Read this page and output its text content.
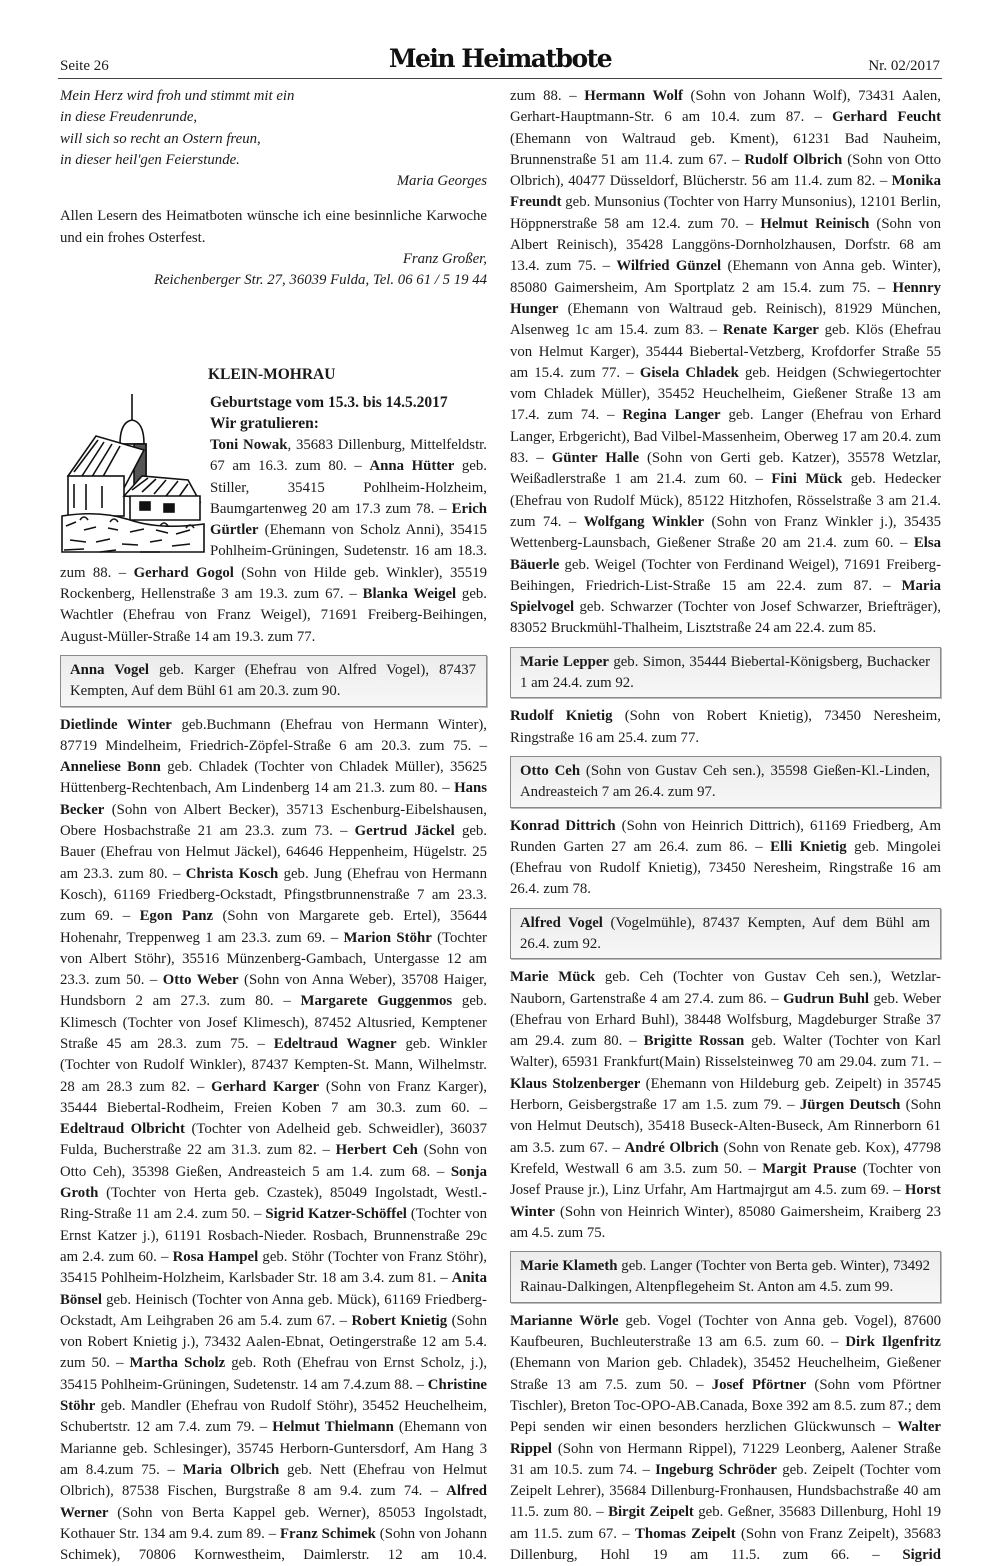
Seite 26	Mein Heimatbote	Nr. 02/2017
Mein Herz wird froh und stimmt mit ein
in diese Freudenrunde,
will sich so recht an Ostern freun,
in dieser heil'gen Feierstunde.
Maria Georges

Allen Lesern des Heimatboten wünsche ich eine besinnliche Karwoche und ein frohes Osterfest.

Franz Großer,
Reichenberger Str. 27, 36039 Fulda, Tel. 06 61 / 5 19 44
KLEIN-MOHRAU
Geburtstage vom 15.3. bis 14.5.2017
Wir gratulieren:

Toni Nowak, 35683 Dillenburg, Mittelfeldstr. 67 am 16.3. zum 80. – Anna Hütter geb. Stiller, 35415 Pohlheim-Holzheim, Baumgartenweg 20 am 17.3 zum 78. – Erich Gürtler (Ehemann von Scholz Anni), 35415 Pohlheim-Grüningen, Sudetenstr. 16 am 18.3. zum 88. – Gerhard Gogol (Sohn von Hilde geb. Winkler), 35519 Rockenberg, Hellenstraße 3 am 19.3. zum 67. – Blanka Weigel geb. Wachtler (Ehefrau von Franz Weigel), 71691 Freiberg-Beihingen, August-Müller-Straße 14 am 19.3. zum 77.

Anna Vogel geb. Karger (Ehefrau von Alfred Vogel), 87437 Kempten, Auf dem Bühl 61 am 20.3. zum 90.

Dietlinde Winter geb.Buchmann (Ehefrau von Hermann Winter), 87719 Mindelheim, Friedrich-Zöpfel-Straße 6 am 20.3. zum 75. – Anneliese Bonn geb. Chladek (Tochter von Chladek Müller), 35625 Hüttenberg-Rechtenbach, Am Lindenberg 14 am 21.3. zum 80. – Hans Becker (Sohn von Albert Becker), 35713 Eschenburg-Eibelshausen, Obere Hosbachstraße 21 am 23.3. zum 73. – Gertrud Jäckel geb. Bauer (Ehefrau von Helmut Jäckel), 64646 Heppenheim, Hügelstr. 25 am 23.3. zum 80. – Christa Kosch geb. Jung (Ehefrau von Hermann Kosch), 61169 Friedberg-Ockstadt, Pfingstbrunnenstraße 7 am 23.3. zum 69. – Egon Panz (Sohn von Margarete geb. Ertel), 35644 Hohenahr, Treppenweg 1 am 23.3. zum 69. – Marion Stöhr (Tochter von Albert Stöhr), 35516 Münzenberg-Gambach, Untergasse 12 am 23.3. zum 50. – Otto Weber (Sohn von Anna Weber), 35708 Haiger, Hundsborn 2 am 27.3. zum 80. – Margarete Guggenmos geb. Klimesch (Tochter von Josef Klimesch), 87452 Altusried, Kemptener Straße 45 am 28.3. zum 75. – Edeltraud Wagner geb. Winkler (Tochter von Rudolf Winkler), 87437 Kempten-St. Mann, Wilhelmstr. 28 am 28.3 zum 82. – Gerhard Karger (Sohn von Franz Karger), 35444 Biebertal-Rodheim, Freien Koben 7 am 30.3. zum 60. – Edeltraud Olbricht (Tochter von Adelheid geb. Schweidler), 36037 Fulda, Bucherstraße 22 am 31.3. zum 82. – Herbert Ceh (Sohn von Otto Ceh), 35398 Gießen, Andreasteich 5 am 1.4. zum 68. – Sonja Groth (Tochter von Herta geb. Czastek), 85049 Ingolstadt, Westl.-Ring-Straße 11 am 2.4. zum 50. – Sigrid Katzer-Schöffel (Tochter von Ernst Katzer j.), 61191 Rosbach-Nieder. Rosbach, Brunnenstraße 29c am 2.4. zum 60. – Rosa Hampel geb. Stöhr (Tochter von Franz Stöhr), 35415 Pohlheim-Holzheim, Karlsbader Str. 18 am 3.4. zum 81. – Anita Bönsel geb. Heinisch (Tochter von Anna geb. Mück), 61169 Friedberg-Ockstadt, Am Leihgraben 26 am 5.4. zum 67. – Robert Knietig (Sohn von Robert Knietig j.), 73432 Aalen-Ebnat, Oetingerstraße 12 am 5.4. zum 50. – Martha Scholz geb. Roth (Ehefrau von Ernst Scholz, j.), 35415 Pohlheim-Grüningen, Sudetenstr. 14 am 7.4.zum 88. – Christine Stöhr geb. Mandler (Ehefrau von Rudolf Stöhr), 35452 Heuchelheim, Schubertstr. 12 am 7.4. zum 79. – Helmut Thielmann (Ehemann von Marianne geb. Schlesinger), 35745 Herborn-Guntersdorf, Am Hang 3 am 8.4.zum 75. – Maria Olbrich geb. Nett (Ehefrau von Helmut Olbrich), 87538 Fischen, Burgstraße 8 am 9.4. zum 74. – Alfred Werner (Sohn von Berta Kappel geb. Werner), 85053 Ingolstadt, Kothauer Str. 134 am 9.4. zum 89. – Franz Schimek (Sohn von Johann Schimek), 70806 Kornwestheim, Daimlerstr. 12 am 10.4.

zum 88. – Hermann Wolf (Sohn von Johann Wolf), 73431 Aalen, Gerhart-Hauptmann-Str. 6 am 10.4. zum 87. – Gerhard Feucht (Ehemann von Waltraud geb. Kment), 61231 Bad Nauheim, Brunnenstraße 51 am 11.4. zum 67. – Rudolf Olbrich (Sohn von Otto Olbrich), 40477 Düsseldorf, Blücherstr. 56 am 11.4. zum 82. – Monika Freundt geb. Munsonius (Tochter von Harry Munsonius), 12101 Berlin, Höppnerstraße 58 am 12.4. zum 70. – Helmut Reinisch (Sohn von Albert Reinisch), 35428 Langgöns-Dornholzhausen, Dorfstr. 68 am 13.4. zum 75. – Wilfried Günzel (Ehemann von Anna geb. Winter), 85080 Gaimersheim, Am Sportplatz 2 am 15.4. zum 75. – Hennry Hunger (Ehemann von Waltraud geb. Reinisch), 81929 München, Alsenweg 1c am 15.4. zum 83. – Renate Karger geb. Klös (Ehefrau von Helmut Karger), 35444 Biebertal-Vetzberg, Krofdorfer Straße 55 am 15.4. zum 77. – Gisela Chladek geb. Heidgen (Schwiegertochter vom Chladek Müller), 35452 Heuchelheim, Gießener Straße 13 am 17.4. zum 74. – Regina Langer geb. Langer (Ehefrau von Erhard Langer, Erbgericht), Bad Vilbel-Massenheim, Oberweg 17 am 20.4. zum 83. – Günter Halle (Sohn von Gerti geb. Katzer), 35578 Wetzlar, Weißadlerstraße 1 am 21.4. zum 60. – Fini Mück geb. Hedecker (Ehefrau von Rudolf Mück), 85122 Hitzhofen, Rösselstraße 3 am 21.4. zum 74. – Wolfgang Winkler (Sohn von Franz Winkler j.), 35435 Wettenberg-Launsbach, Gießener Straße 20 am 21.4. zum 60. – Elsa Bäuerle geb. Weigel (Tochter von Ferdinand Weigel), 71691 Freiberg-Beihingen, Friedrich-List-Straße 15 am 22.4. zum 87. – Maria Spielvogel geb. Schwarzer (Tochter von Josef Schwarzer, Briefträger), 83052 Bruckmühl-Thalheim, Lisztstraße 24 am 22.4. zum 85.

Marie Lepper geb. Simon, 35444 Biebertal-Königsberg, Buchacker 1 am 24.4. zum 92.

Rudolf Knietig (Sohn von Robert Knietig), 73450 Neresheim, Ringstraße 16 am 25.4. zum 77.

Otto Ceh (Sohn von Gustav Ceh sen.), 35598 Gießen-Kl.-Linden, Andreasteich 7 am 26.4. zum 97.

Konrad Dittrich (Sohn von Heinrich Dittrich), 61169 Friedberg, Am Runden Garten 27 am 26.4. zum 86. – Elli Knietig geb. Mingolei (Ehefrau von Rudolf Knietig), 73450 Neresheim, Ringstraße 16 am 26.4. zum 78.

Alfred Vogel (Vogelmühle), 87437 Kempten, Auf dem Bühl am 26.4. zum 92.

Marie Mück geb. Ceh (Tochter von Gustav Ceh sen.), Wetzlar-Nauborn, Gartenstraße 4 am 27.4. zum 86. – Gudrun Buhl geb. Weber (Ehefrau von Erhard Buhl), 38448 Wolfsburg, Magdeburger Straße 37 am 29.4. zum 80. – Brigitte Rossan geb. Walter (Tochter von Karl Walter), 65931 Frankfurt(Main) Risselsteinweg 70 am 29.04. zum 71. – Klaus Stolzenberger (Ehemann von Hildeburg geb. Zeipelt) in 35745 Herborn, Geisbergstraße 17 am 1.5. zum 79. – Jürgen Deutsch (Sohn von Helmut Deutsch), 35418 Buseck-Alten-Buseck, Am Rinnerborn 61 am 3.5. zum 67. – André Olbrich (Sohn von Renate geb. Kox), 47798 Krefeld, Westwall 6 am 3.5. zum 50. – Margit Prause (Tochter von Josef Prause jr.), Linz Urfahr, Am Hartmajrgut am 4.5. zum 69. – Horst Winter (Sohn von Heinrich Winter), 85080 Gaimersheim, Kraiberg 23 am 4.5. zum 75.

Marie Klameth geb. Langer (Tochter von Berta geb. Winter), 73492 Rainau-Dalkingen, Altenpflegeheim St. Anton am 4.5. zum 99.

Marianne Wörle geb. Vogel (Tochter von Anna geb. Vogel), 87600 Kaufbeuren, Buchleuterstraße 13 am 6.5. zum 60. – Dirk Ilgenfritz (Ehemann von Marion geb. Chladek), 35452 Heuchelheim, Gießener Straße 13 am 7.5. zum 50. – Josef Pförtner (Sohn vom Pförtner Tischler), Breton Toc-OPO-AB.Canada, Boxe 392 am 8.5. zum 87.; dem Pepi senden wir einen besonders herzlichen Glückwunsch – Walter Rippel (Sohn von Hermann Rippel), 71229 Leonberg, Aalener Straße 31 am 10.5. zum 74. – Ingeburg Schröder geb. Zeipelt (Tochter vom Zeipelt Lehrer), 35684 Dillenburg-Fronhausen, Hundsbachstraße 40 am 11.5. zum 80. – Birgit Zeipelt geb. Geßner, 35683 Dillenburg, Hohl 19 am 11.5. zum 67. – Thomas Zeipelt (Sohn von Franz Zeipelt), 35683 Dillenburg, Hohl 19 am 11.5. zum 66. – Sigrid
